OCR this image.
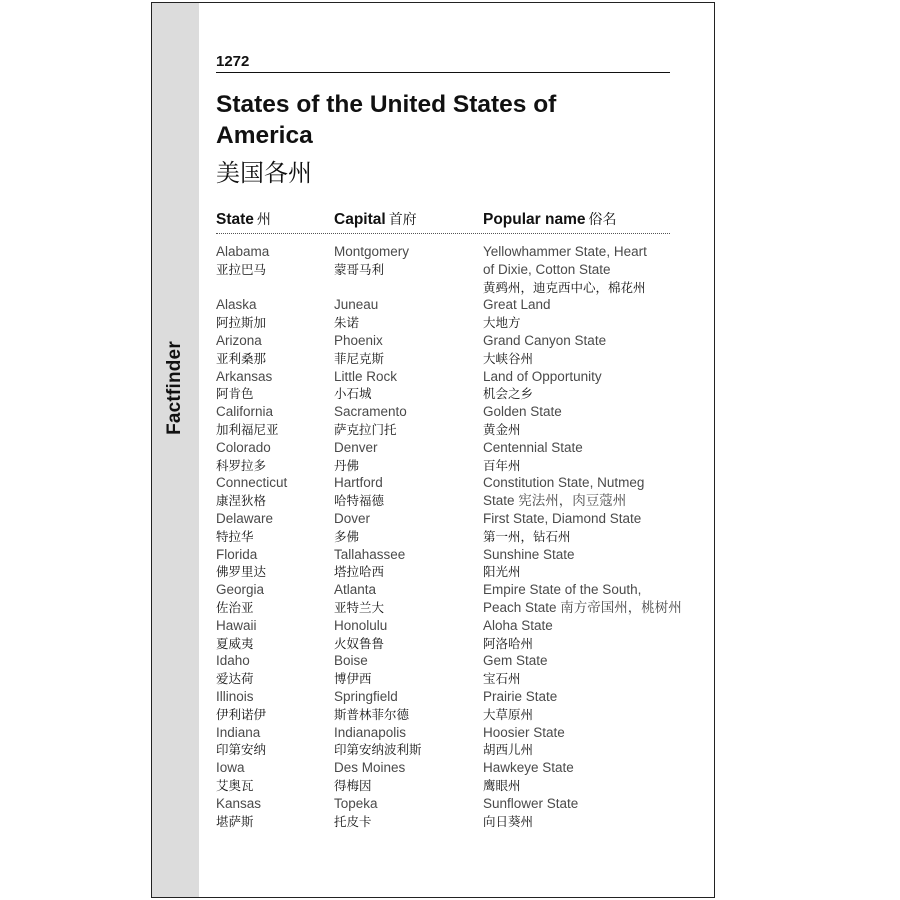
Factfinder
1272
States of the United States of America
美国各州
State 州	Capital 首府	Popular name 俗名
Alabama
亚拉巴马
Montgomery
蒙哥马利
Yellowhammer State, Heart
of Dixie, Cotton State
黄鹀州，迪克西中心，棉花州
Alaska
阿拉斯加
Juneau
朱诺
Great Land
大地方
Arizona
亚利桑那
Phoenix
菲尼克斯
Grand Canyon State
大峡谷州
Arkansas
阿肯色
Little Rock
小石城
Land of Opportunity
机会之乡
California
加利福尼亚
Sacramento
萨克拉门托
Golden State
黄金州
Colorado
科罗拉多
Denver
丹佛
Centennial State
百年州
Connecticut
康涅狄格
Hartford
哈特福德
Constitution State, Nutmeg
State 宪法州，肉豆蔻州
Delaware
特拉华
Dover
多佛
First State, Diamond State
第一州，钻石州
Florida
佛罗里达
Tallahassee
塔拉哈西
Sunshine State
阳光州
Georgia
佐治亚
Atlanta
亚特兰大
Empire State of the South,
Peach State 南方帝国州，桃树州
Hawaii
夏威夷
Honolulu
火奴鲁鲁
Aloha State
阿洛哈州
Idaho
爱达荷
Boise
博伊西
Gem State
宝石州
Illinois
伊利诺伊
Springfield
斯普林菲尔德
Prairie State
大草原州
Indiana
印第安纳
Indianapolis
印第安纳波利斯
Hoosier State
胡西儿州
Iowa
艾奥瓦
Des Moines
得梅因
Hawkeye State
鹰眼州
Kansas
堪萨斯
Topeka
托皮卡
Sunflower State
向日葵州
